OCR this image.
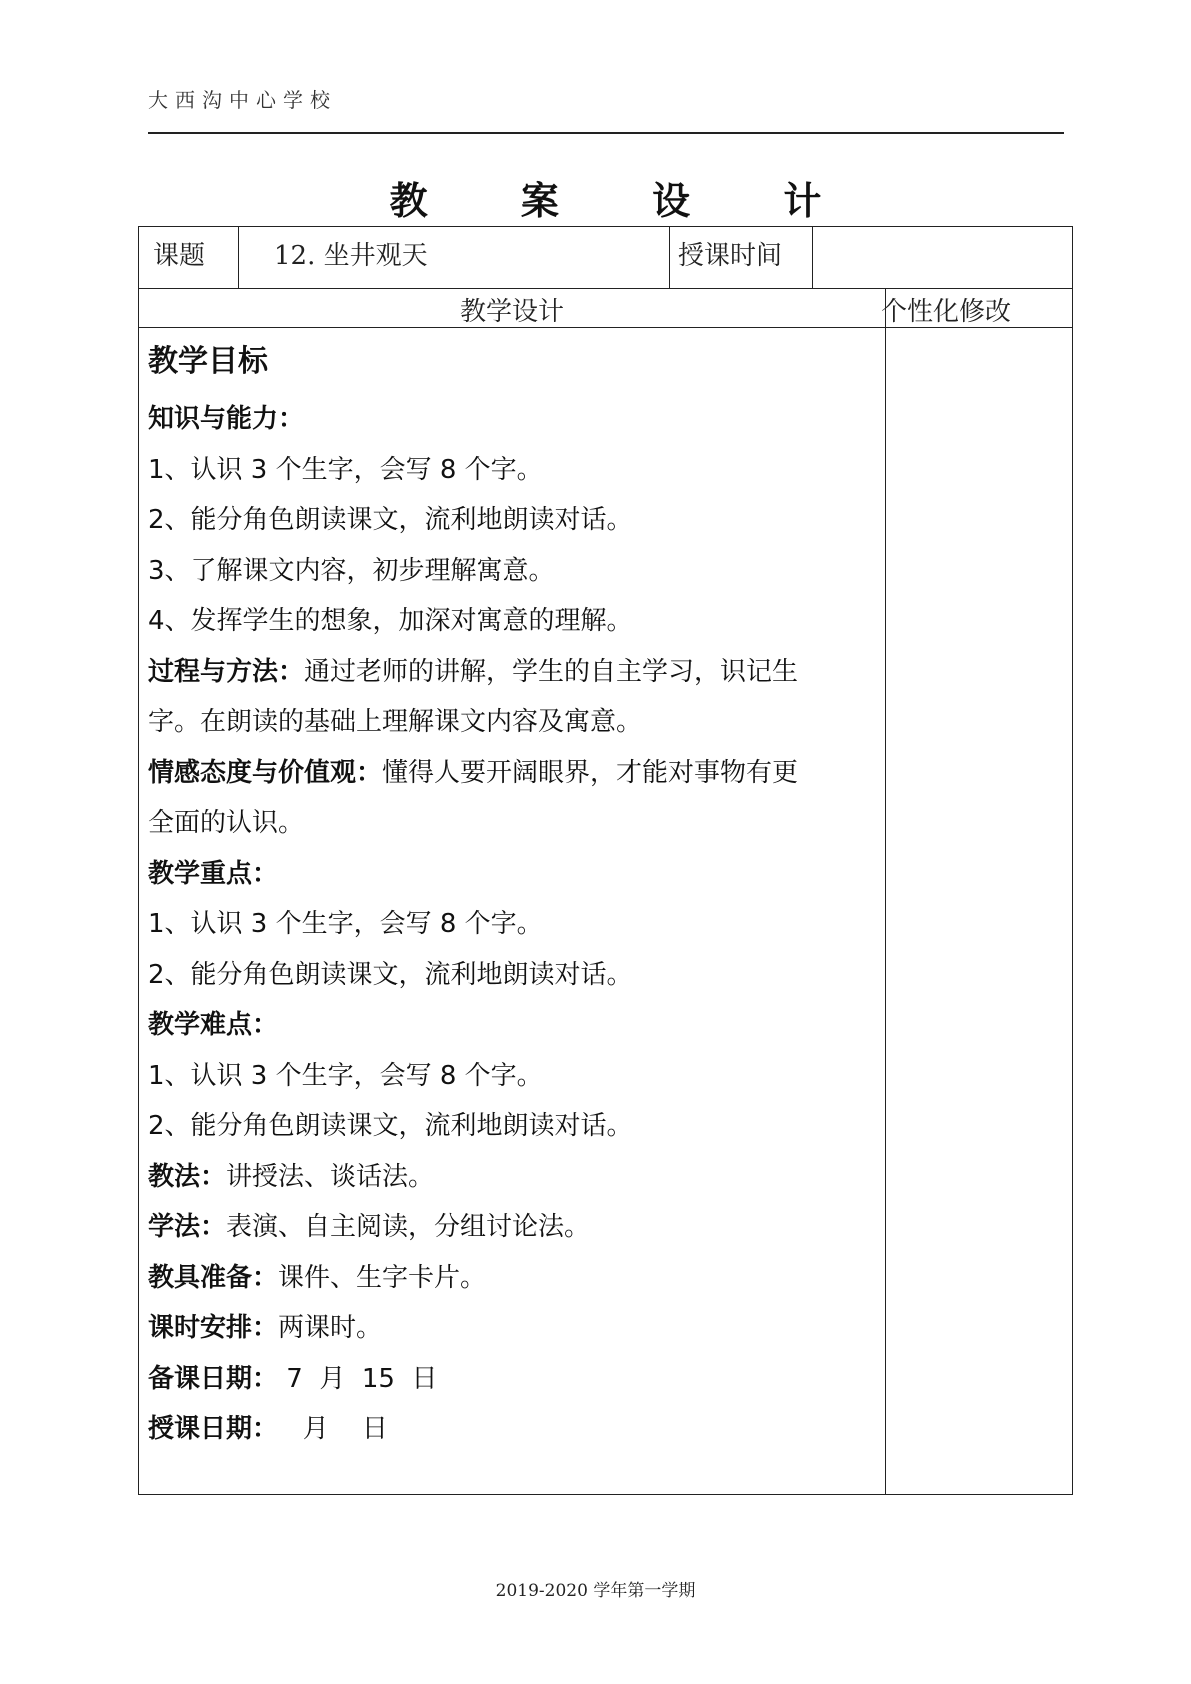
大西沟中心学校
教 案 设 计
课题	12. 坐井观天	授课时间
教学设计	个性化修改
教学目标
知识与能力：
1、认识 3 个生字，会写 8 个字。
2、能分角色朗读课文，流利地朗读对话。
3、了解课文内容，初步理解寓意。
4、发挥学生的想象，加深对寓意的理解。
过程与方法：通过老师的讲解，学生的自主学习，识记生
字。在朗读的基础上理解课文内容及寓意。
情感态度与价值观：懂得人要开阔眼界，才能对事物有更
全面的认识。
教学重点：
1、认识 3 个生字，会写 8 个字。
2、能分角色朗读课文，流利地朗读对话。
教学难点：
1、认识 3 个生字，会写 8 个字。
2、能分角色朗读课文，流利地朗读对话。
教法：讲授法、谈话法。
学法：表演、自主阅读，分组讨论法。
教具准备：课件、生字卡片。
课时安排：两课时。
备课日期： 7  月  15  日
授课日期：   月    日
2019-2020 学年第一学期
